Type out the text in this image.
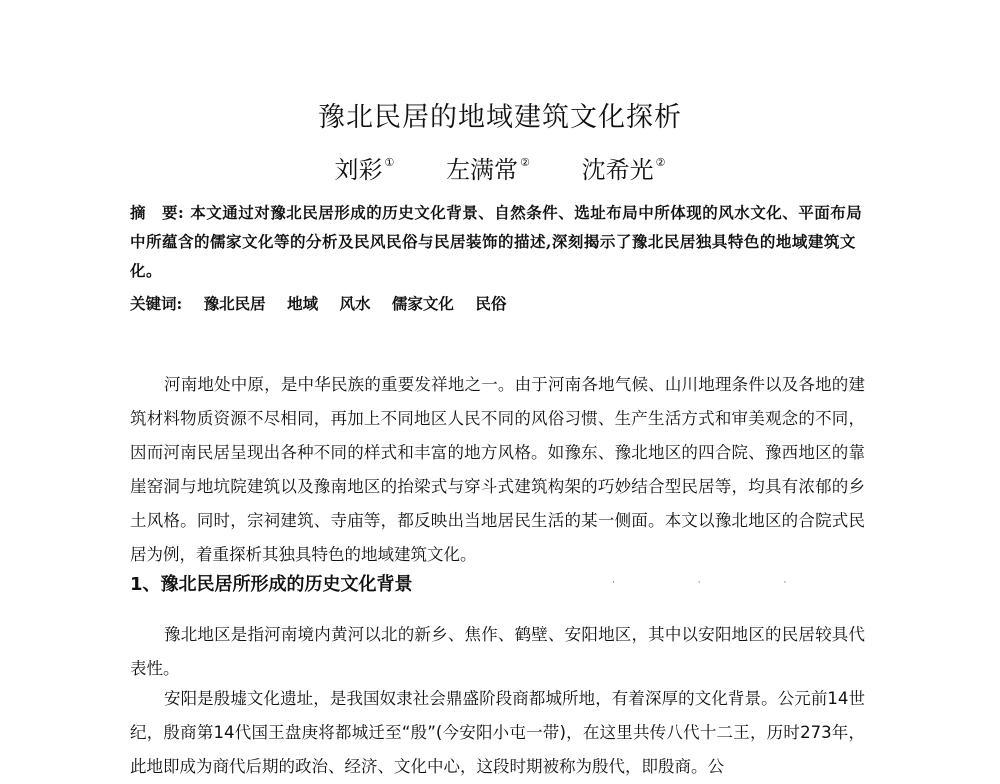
豫北民居的地域建筑文化探析
刘彩 ① 左满常 ② 沈希光 ②
摘　要: 本文通过对豫北民居形成的历史文化背景、自然条件、选址布局中所体现的风水文化、平面布局中所蕴含的儒家文化等的分析及民风民俗与民居装饰的描述,深刻揭示了豫北民居独具特色的地域建筑文化。
关键词: 豫北民居 地域 风水 儒家文化 民俗

河南地处中原，是中华民族的重要发祥地之一。由于河南各地气候、山川地理条件以及各地的建筑材料物质资源不尽相同，再加上不同地区人民不同的风俗习惯、生产生活方式和审美观念的不同，因而河南民居呈现出各种不同的样式和丰富的地方风格。如豫东、豫北地区的四合院、豫西地区的靠崖窑洞与地坑院建筑以及豫南地区的抬梁式与穿斗式建筑构架的巧妙结合型民居等，均具有浓郁的乡土风格。同时，宗祠建筑、寺庙等，都反映出当地居民生活的某一侧面。本文以豫北地区的合院式民居为例，着重探析其独具特色的地域建筑文化。

1、豫北民居所形成的历史文化背景	· · ·

豫北地区是指河南境内黄河以北的新乡、焦作、鹤壁、安阳地区，其中以安阳地区的民居较具代表性。

安阳是殷墟文化遗址，是我国奴隶社会鼎盛阶段商都城所地，有着深厚的文化背景。公元前14世纪，殷商第14代国王盘庚将都城迁至“殷”(今安阳小屯一带)，在这里共传八代十二王，历时273年，此地即成为商代后期的政治、经济、文化中心，这段时期被称为殷代，即殷商。公
